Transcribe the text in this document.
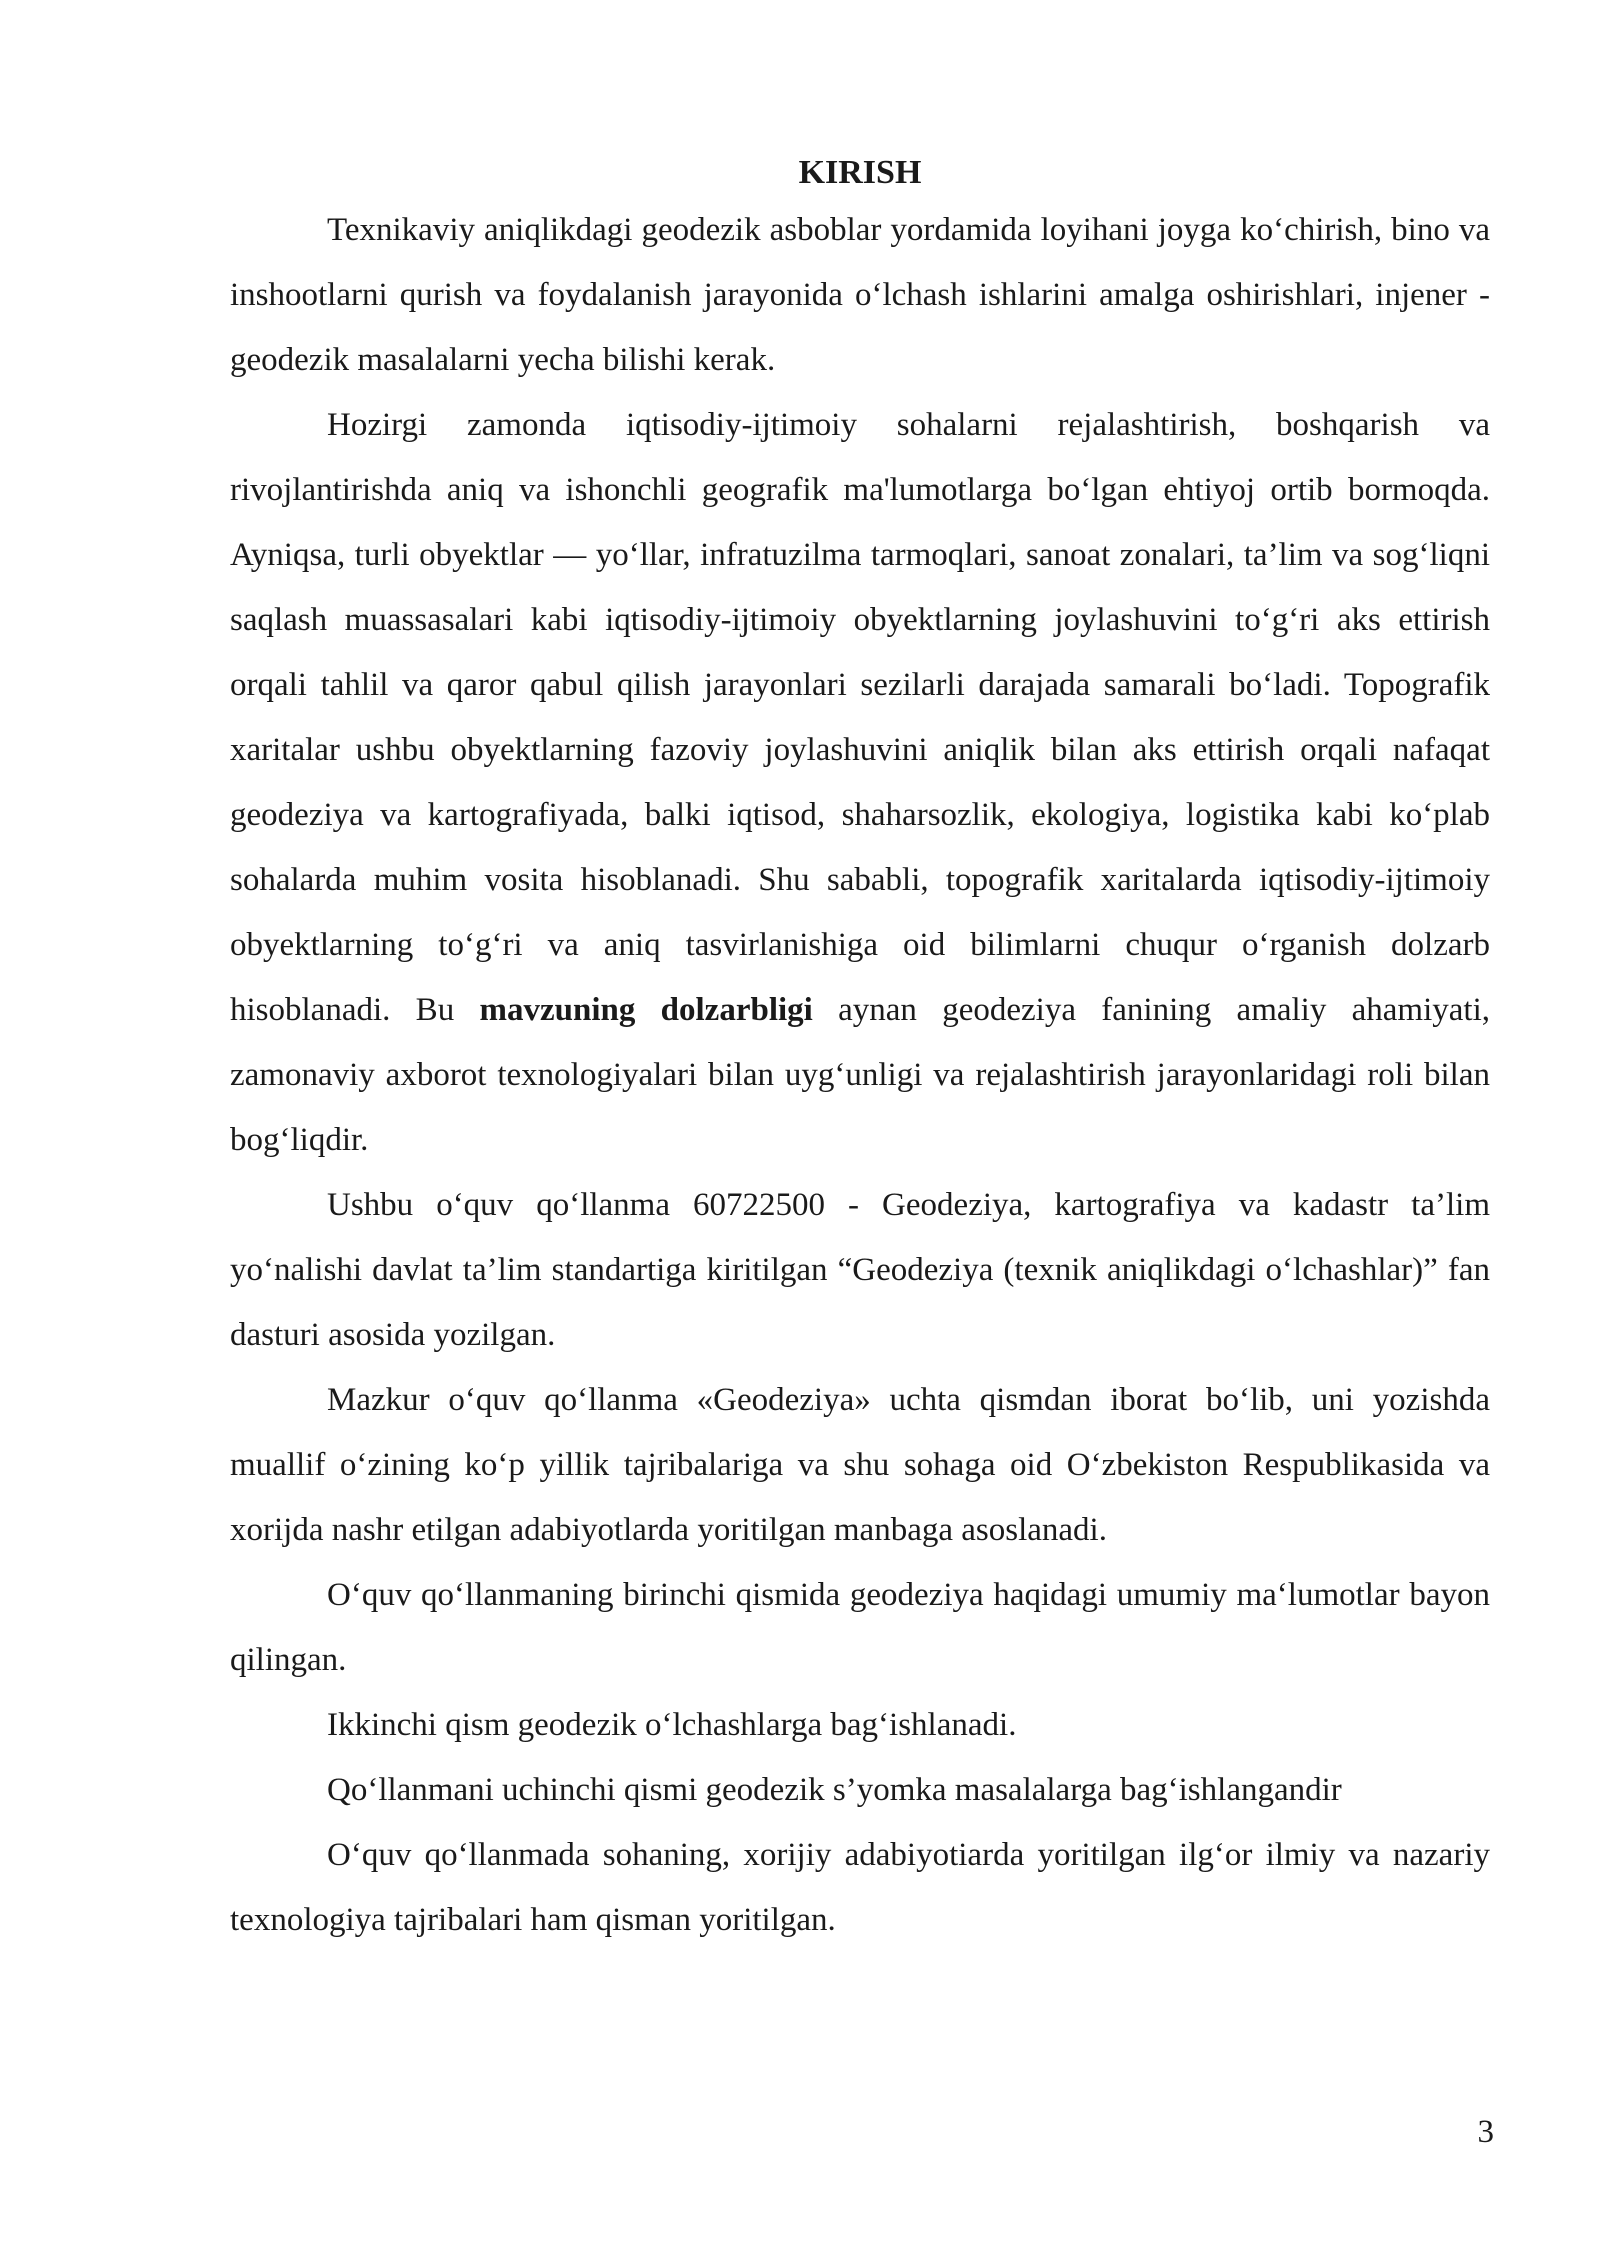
KIRISH

Texnikaviy aniqlikdagi geodezik asboblar yordamida loyihani joyga ko‘chirish, bino va inshootlarni qurish va foydalanish jarayonida o‘lchash ishlarini amalga oshirishlari, injener - geodezik masalalarni yecha bilishi kerak.

Hozirgi zamonda iqtisodiy-ijtimoiy sohalarni rejalashtirish, boshqarish va rivojlantirishda aniq va ishonchli geografik ma'lumotlarga bo‘lgan ehtiyoj ortib bormoqda. Ayniqsa, turli obyektlar — yo‘llar, infratuzilma tarmoqlari, sanoat zonalari, ta’lim va sog‘liqni saqlash muassasalari kabi iqtisodiy-ijtimoiy obyektlarning joylashuvini to‘g‘ri aks ettirish orqali tahlil va qaror qabul qilish jarayonlari sezilarli darajada samarali bo‘ladi. Topografik xaritalar ushbu obyektlarning fazoviy joylashuvini aniqlik bilan aks ettirish orqali nafaqat geodeziya va kartografiyada, balki iqtisod, shaharsozlik, ekologiya, logistika kabi ko‘plab sohalarda muhim vosita hisoblanadi. Shu sababli, topografik xaritalarda iqtisodiy-ijtimoiy obyektlarning to‘g‘ri va aniq tasvirlanishiga oid bilimlarni chuqur o‘rganish dolzarb hisoblanadi. Bu mavzuning dolzarbligi aynan geodeziya fanining amaliy ahamiyati, zamonaviy axborot texnologiyalari bilan uyg‘unligi va rejalashtirish jarayonlaridagi roli bilan bog‘liqdir.

Ushbu o‘quv qo‘llanma 60722500 - Geodeziya, kartografiya va kadastr ta’lim yo‘nalishi davlat ta’lim standartiga kiritilgan “Geodeziya (texnik aniqlikdagi o‘lchashlar)” fan dasturi asosida yozilgan.

Mazkur o‘quv qo‘llanma «Geodeziya» uchta qismdan iborat bo‘lib, uni yozishda muallif o‘zining ko‘p yillik tajribalariga va shu sohaga oid O‘zbekiston Respublikasida va xorijda nashr etilgan adabiyotlarda yoritilgan manbaga asoslanadi.

O‘quv qo‘llanmaning birinchi qismida geodeziya haqidagi umumiy ma‘lumotlar bayon qilingan.

Ikkinchi qism geodezik o‘lchashlarga bag‘ishlanadi.

Qo‘llanmani uchinchi qismi geodezik s’yomka masalalarga bag‘ishlangandir

O‘quv qo‘llanmada sohaning, xorijiy adabiyotiarda yoritilgan ilg‘or ilmiy va nazariy texnologiya tajribalari ham qisman yoritilgan.

3
